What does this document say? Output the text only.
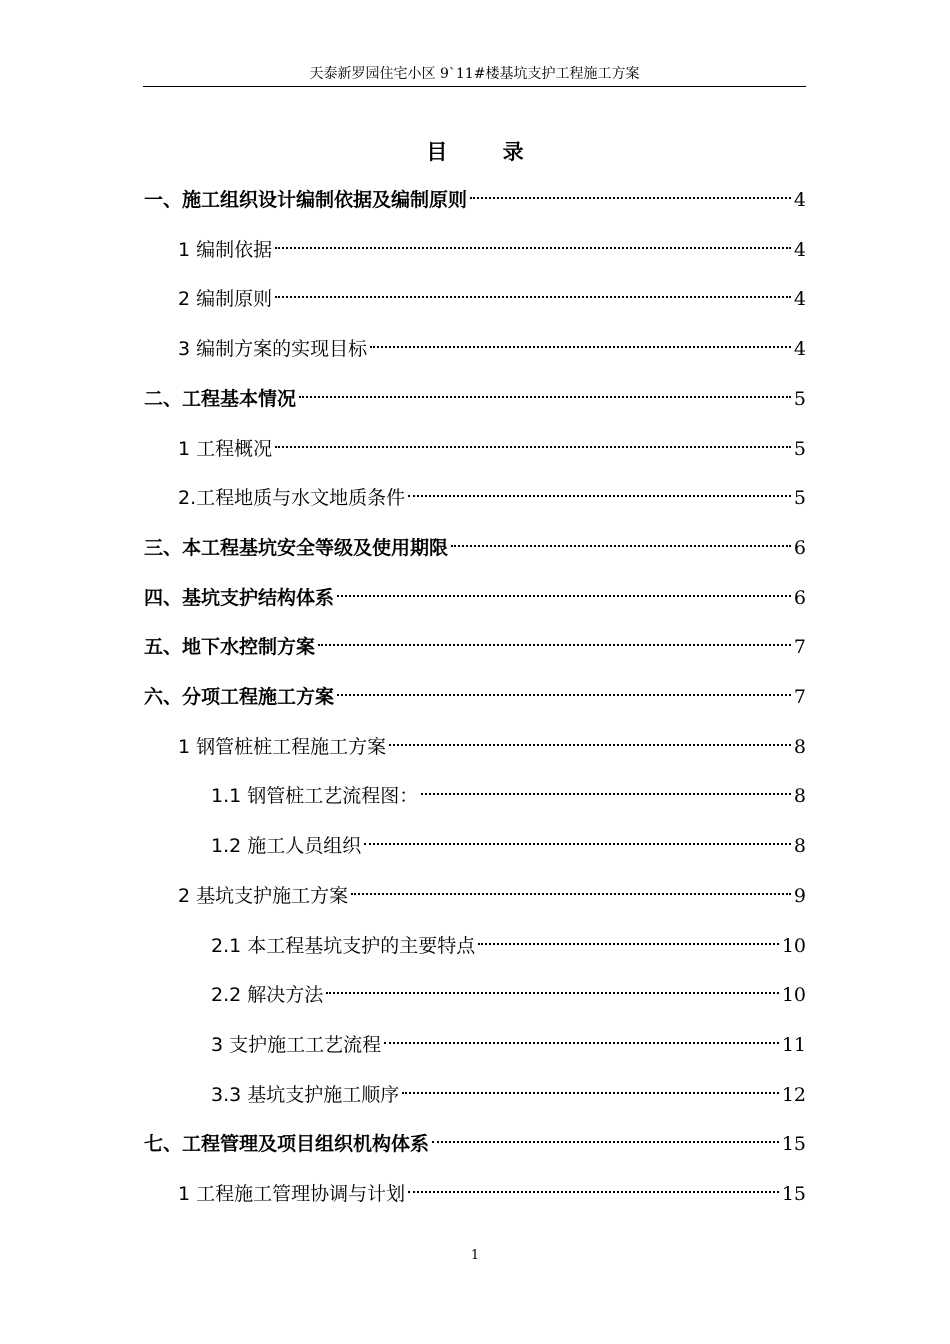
天泰新罗园住宅小区 9`11#楼基坑支护工程施工方案
目 录
一、施工组织设计编制依据及编制原则	4
1 编制依据	4
2 编制原则	4
3 编制方案的实现目标	4
二、工程基本情况	5
1 工程概况	5
2.工程地质与水文地质条件	5
三、本工程基坑安全等级及使用期限	6
四、基坑支护结构体系	6
五、地下水控制方案	7
六、分项工程施工方案	7
1 钢管桩桩工程施工方案	8
1.1 钢管桩工艺流程图：	8
1.2 施工人员组织	8
2 基坑支护施工方案	9
2.1 本工程基坑支护的主要特点	10
2.2 解决方法	10
3 支护施工工艺流程	11
3.3 基坑支护施工顺序	12
七、工程管理及项目组织机构体系	15
1 工程施工管理协调与计划	15
1
